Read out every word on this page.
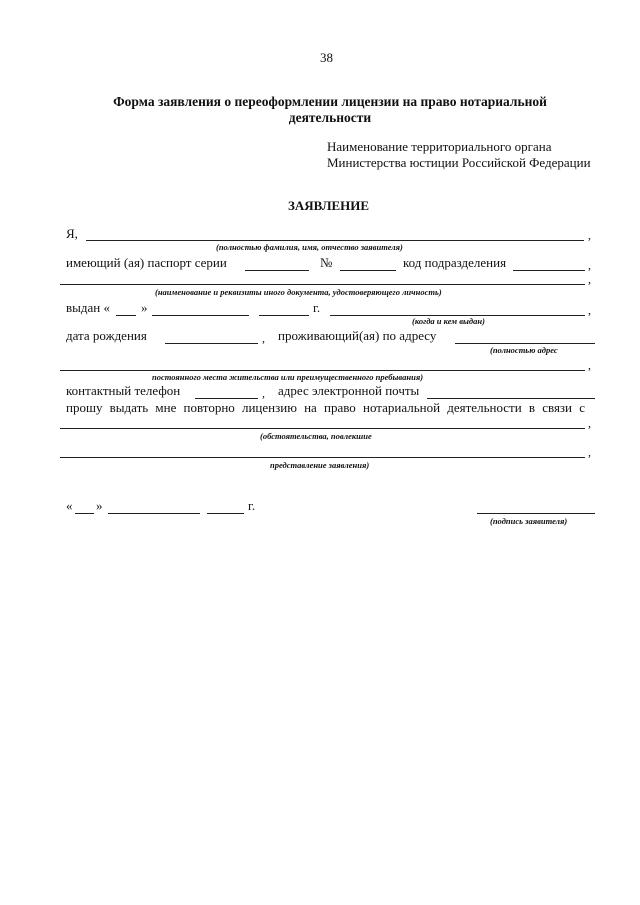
38
Форма заявления о переоформлении лицензии на право нотариальной
деятельности
Наименование территориального органа
Министерства юстиции Российской Федерации
ЗАЯВЛЕНИЕ
Я,	,
(полностью фамилия, имя, отчество заявителя)
имеющий (ая) паспорт серии	№	код подразделения	,
,
(наименование и реквизиты иного документа, удостоверяющего личность)
выдан « »	г.	,
(когда и кем выдан)
дата рождения	, проживающий(ая) по адресу
(полностью адрес
,
постоянного места жительства или преимущественного пребывания)
контактный телефон	, адрес электронной почты
прошу выдать мне повторно лицензию на право нотариальной деятельности в связи с
,
(обстоятельства, повлекшие
,
представление заявления)
« »	г.
(подпись заявителя)
